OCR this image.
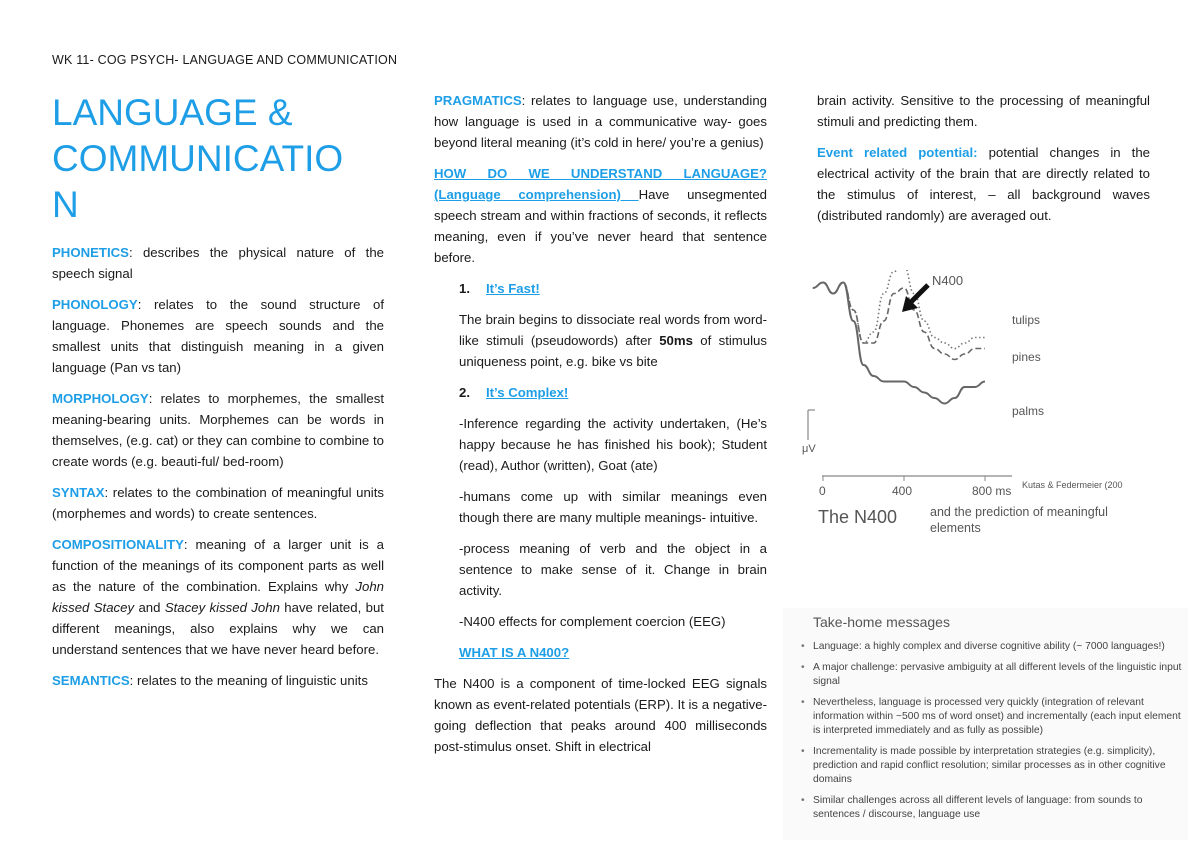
WK 11- COG PSYCH- LANGUAGE AND COMMUNICATION
LANGUAGE &
COMMUNICATIO
N

PHONETICS: describes the physical nature of the speech signal

PHONOLOGY: relates to the sound structure of language. Phonemes are speech sounds and the smallest units that distinguish meaning in a given language (Pan vs tan)

MORPHOLOGY: relates to morphemes, the smallest meaning-bearing units. Morphemes can be words in themselves, (e.g. cat) or they can combine to combine to create words (e.g. beauti-ful/ bed-room)

SYNTAX: relates to the combination of meaningful units (morphemes and words) to create sentences.

COMPOSITIONALITY: meaning of a larger unit is a function of the meanings of its component parts as well as the nature of the combination. Explains why John kissed Stacey and Stacey kissed John have related, but different meanings, also explains why we can understand sentences that we have never heard before.

SEMANTICS: relates to the meaning of linguistic units

PRAGMATICS: relates to language use, understanding how language is used in a communicative way- goes beyond literal meaning (it’s cold in here/ you’re a genius)

HOW DO WE UNDERSTAND LANGUAGE? (Language comprehension) Have unsegmented speech stream and within fractions of seconds, it reflects meaning, even if you’ve never heard that sentence before.

1. It’s Fast!

The brain begins to dissociate real words from word-like stimuli (pseudowords) after 50ms of stimulus uniqueness point, e.g. bike vs bite

2. It’s Complex!

-Inference regarding the activity undertaken, (He’s happy because he has finished his book); Student (read), Author (written), Goat (ate)

-humans come up with similar meanings even though there are many multiple meanings- intuitive.

-process meaning of verb and the object in a sentence to make sense of it. Change in brain activity.

-N400 effects for complement coercion (EEG)

WHAT IS A N400?

The N400 is a component of time-locked EEG signals known as event-related potentials (ERP). It is a negative-going deflection that peaks around 400 milliseconds post-stimulus onset. Shift in electrical

brain activity. Sensitive to the processing of meaningful stimuli and predicting them.

Event related potential: potential changes in the electrical activity of the brain that are directly related to the stimulus of interest, – all background waves (distributed randomly) are averaged out.

μV
0	400	800 ms Kutas & Federmeier (200
N400
tulips
pines
palms
The N400	and the prediction of meaningful
elements
Take-home messages
• Language: a highly complex and diverse cognitive ability (~ 7000 languages!)
• A major challenge: pervasive ambiguity at all different levels of the linguistic input signal
• Nevertheless, language is processed very quickly (integration of relevant information within ~500 ms of word onset) and incrementally (each input element is interpreted immediately and as fully as possible)
• Incrementality is made possible by interpretation strategies (e.g. simplicity), prediction and rapid conflict resolution; similar processes as in other cognitive domains
• Similar challenges across all different levels of language: from sounds to sentences / discourse, language use
